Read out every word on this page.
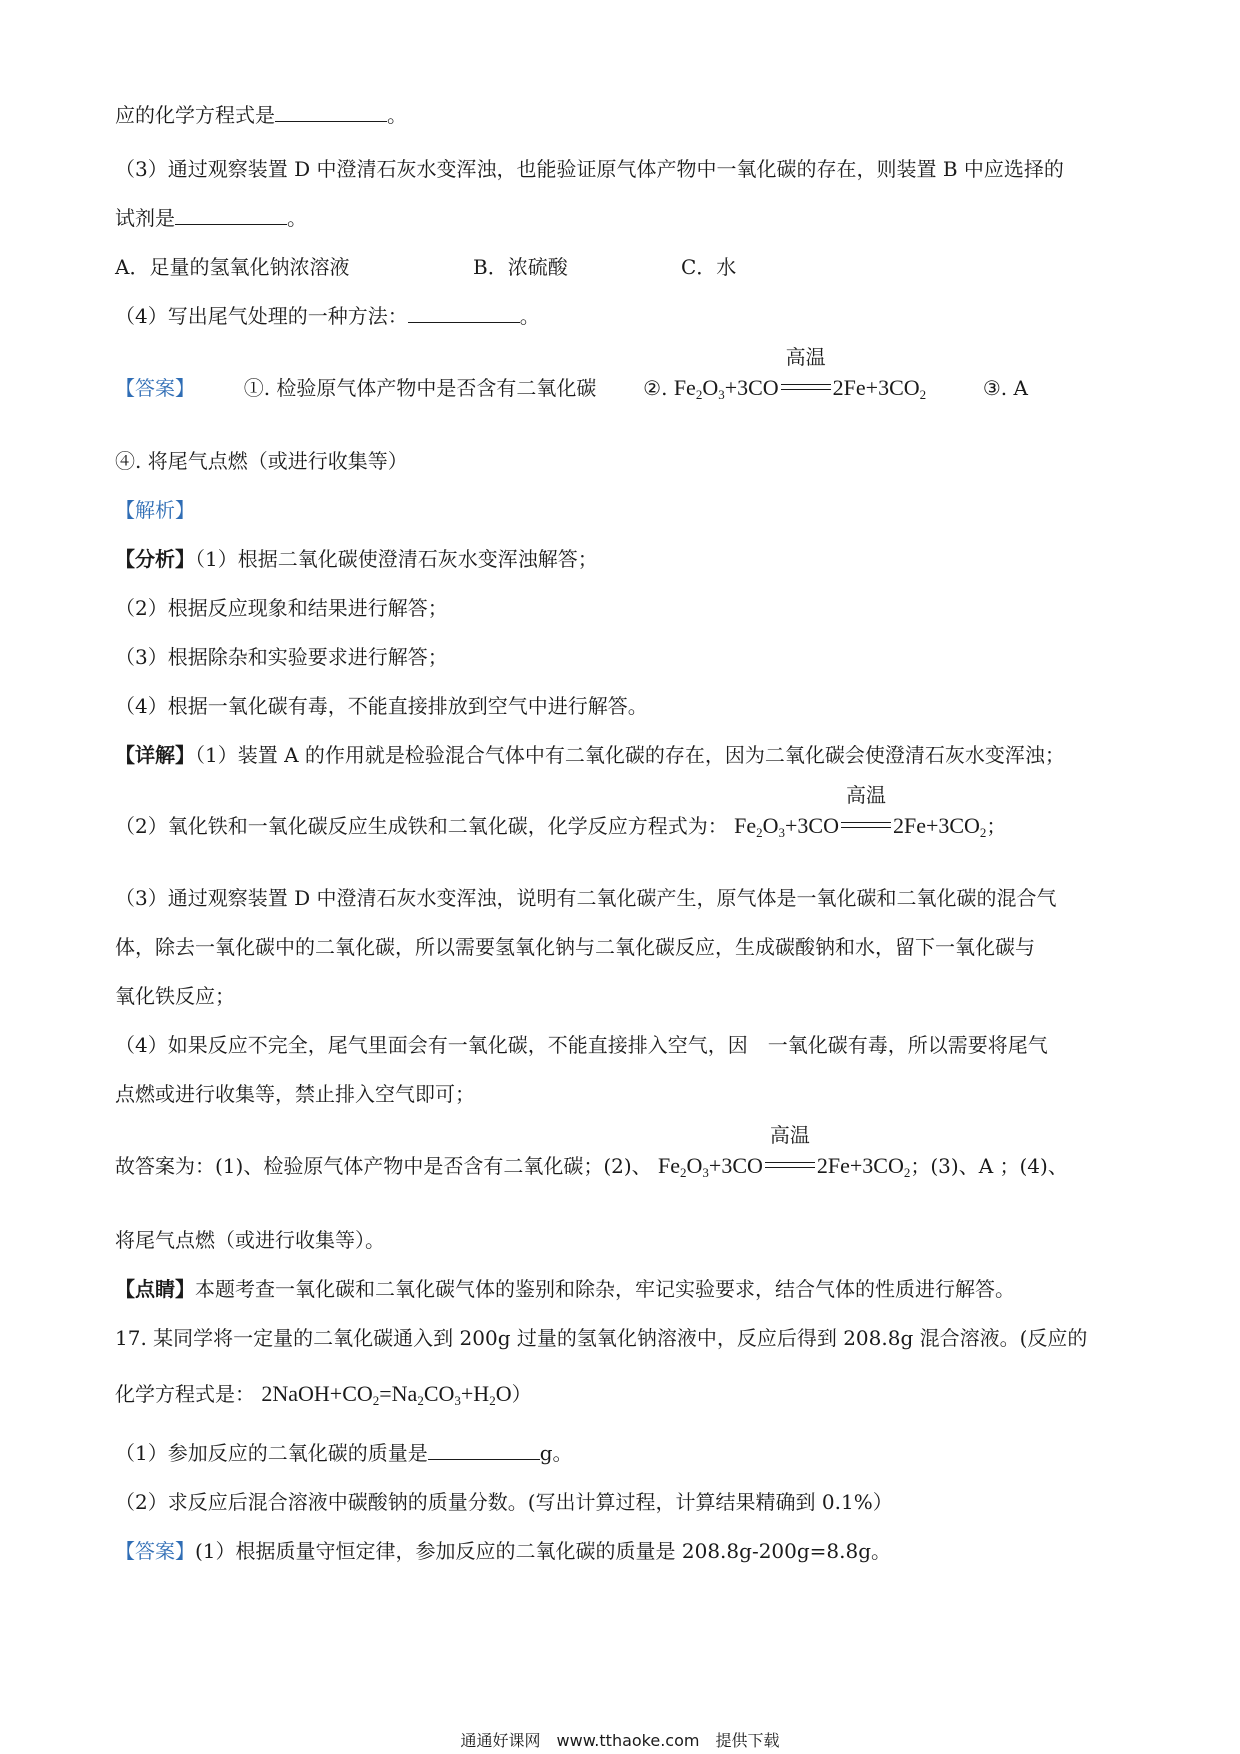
应的化学方程式是	。
（3）通过观察装置 D 中澄清石灰水变浑浊，也能验证原气体产物中一氧化碳的存在，则装置 B 中应选择的
试剂是	。
A．足量的氢氧化钠浓溶液	B．浓硫酸	C．水
（4）写出尾气处理的一种方法：	。
【答案】 ①. 检验原气体产物中是否含有二氧化碳 ②. $Fe_2O_3+3CO$
高温
$2Fe+3CO_2$	③. A
④. 将尾气点燃（或进行收集等）
【解析】
【分析】（1）根据二氧化碳使澄清石灰水变浑浊解答；
（2）根据反应现象和结果进行解答；
（3）根据除杂和实验要求进行解答；
（4）根据一氧化碳有毒，不能直接排放到空气中进行解答。
【详解】（1）装置 A 的作用就是检验混合气体中有二氧化碳的存在，因为二氧化碳会使澄清石灰水变浑浊；
（2）氧化铁和一氧化碳反应生成铁和二氧化碳，化学反应方程式为： $Fe_2O_3+3CO$
高温
$2Fe+3CO_2$；
（3）通过观察装置 D 中澄清石灰水变浑浊，说明有二氧化碳产生，原气体是一氧化碳和二氧化碳的混合气
体，除去一氧化碳中的二氧化碳，所以需要氢氧化钠与二氧化碳反应，生成碳酸钠和水，留下一氧化碳与
氧化铁反应；
（4）如果反应不完全，尾气里面会有一氧化碳，不能直接排入空气，因　一氧化碳有毒，所以需要将尾气
点燃或进行收集等，禁止排入空气即可；
故答案为：(1)、检验原气体产物中是否含有二氧化碳；(2)、 $Fe_2O_3+3CO$
高温
$2Fe+3CO_2$；(3)、A ；(4)、
将尾气点燃（或进行收集等）。
【点睛】本题考查一氧化碳和二氧化碳气体的鉴别和除杂，牢记实验要求，结合气体的性质进行解答。
17. 某同学将一定量的二氧化碳通入到 200g 过量的氢氧化钠溶液中，反应后得到 208.8g 混合溶液。(反应的
化学方程式是： $2NaOH+CO_2=Na_2CO_3+H_2O$）
（1）参加反应的二氧化碳的质量是	g。
（2）求反应后混合溶液中碳酸钠的质量分数。(写出计算过程，计算结果精确到 0.1%）
【答案】(1）根据质量守恒定律，参加反应的二氧化碳的质量是 208.8g-200g=8.8g。
通通好课网　www.tthaoke.com　提供下载
